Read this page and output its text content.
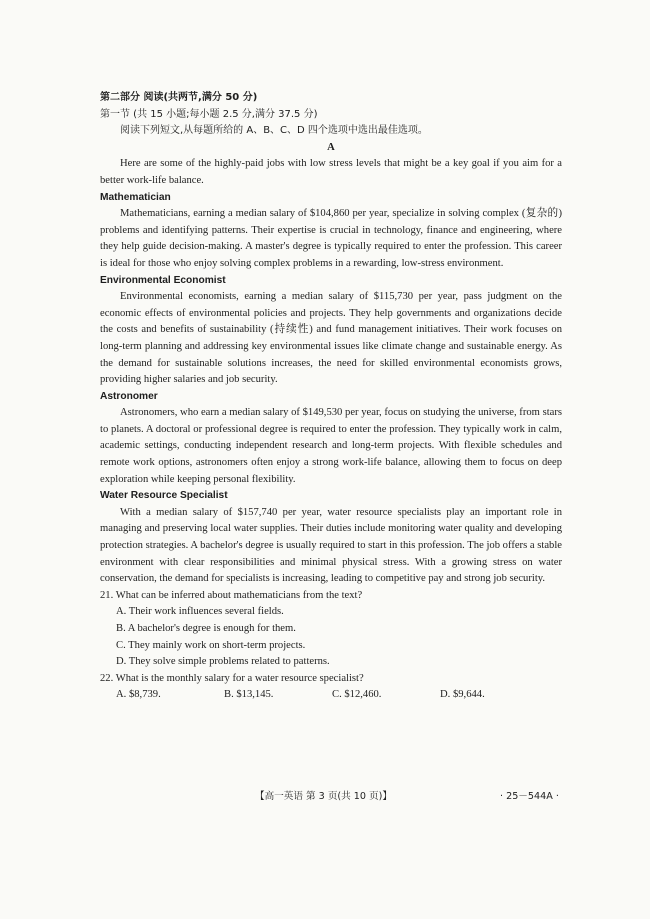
第二部分 阅读(共两节,满分 50 分)
第一节 (共 15 小题;每小题 2.5 分,满分 37.5 分)
阅读下列短文,从每题所给的 A、B、C、D 四个选项中选出最佳选项。
A

Here are some of the highly-paid jobs with low stress levels that might be a key goal if you aim for a better work-life balance.

Mathematician

Mathematicians, earning a median salary of $104,860 per year, specialize in solving complex (复杂的) problems and identifying patterns. Their expertise is crucial in technology, finance and engineering, where they help guide decision-making. A master's degree is typically required to enter the profession. This career is ideal for those who enjoy solving complex problems in a rewarding, low-stress environment.

Environmental Economist

Environmental economists, earning a median salary of $115,730 per year, pass judgment on the economic effects of environmental policies and projects. They help governments and organizations decide the costs and benefits of sustainability (持续性) and fund management initiatives. Their work focuses on long-term planning and addressing key environmental issues like climate change and sustainable energy. As the demand for sustainable solutions increases, the need for skilled environmental economists grows, providing higher salaries and job security.

Astronomer

Astronomers, who earn a median salary of $149,530 per year, focus on studying the universe, from stars to planets. A doctoral or professional degree is required to enter the profession. They typically work in calm, academic settings, conducting independent research and long-term projects. With flexible schedules and remote work options, astronomers often enjoy a strong work-life balance, allowing them to focus on deep exploration while keeping personal flexibility.

Water Resource Specialist

With a median salary of $157,740 per year, water resource specialists play an important role in managing and preserving local water supplies. Their duties include monitoring water quality and developing protection strategies. A bachelor's degree is usually required to start in this profession. The job offers a stable environment with clear responsibilities and minimal physical stress. With a growing stress on water conservation, the demand for specialists is increasing, leading to competitive pay and strong job security.

21. What can be inferred about mathematicians from the text?
A. Their work influences several fields.
B. A bachelor's degree is enough for them.
C. They mainly work on short-term projects.
D. They solve simple problems related to patterns.
22. What is the monthly salary for a water resource specialist?
A. $8,739.	B. $13,145.	C. $12,460.	D. $9,644.
【高一英语 第 3 页(共 10 页)】	· 25－544A ·
